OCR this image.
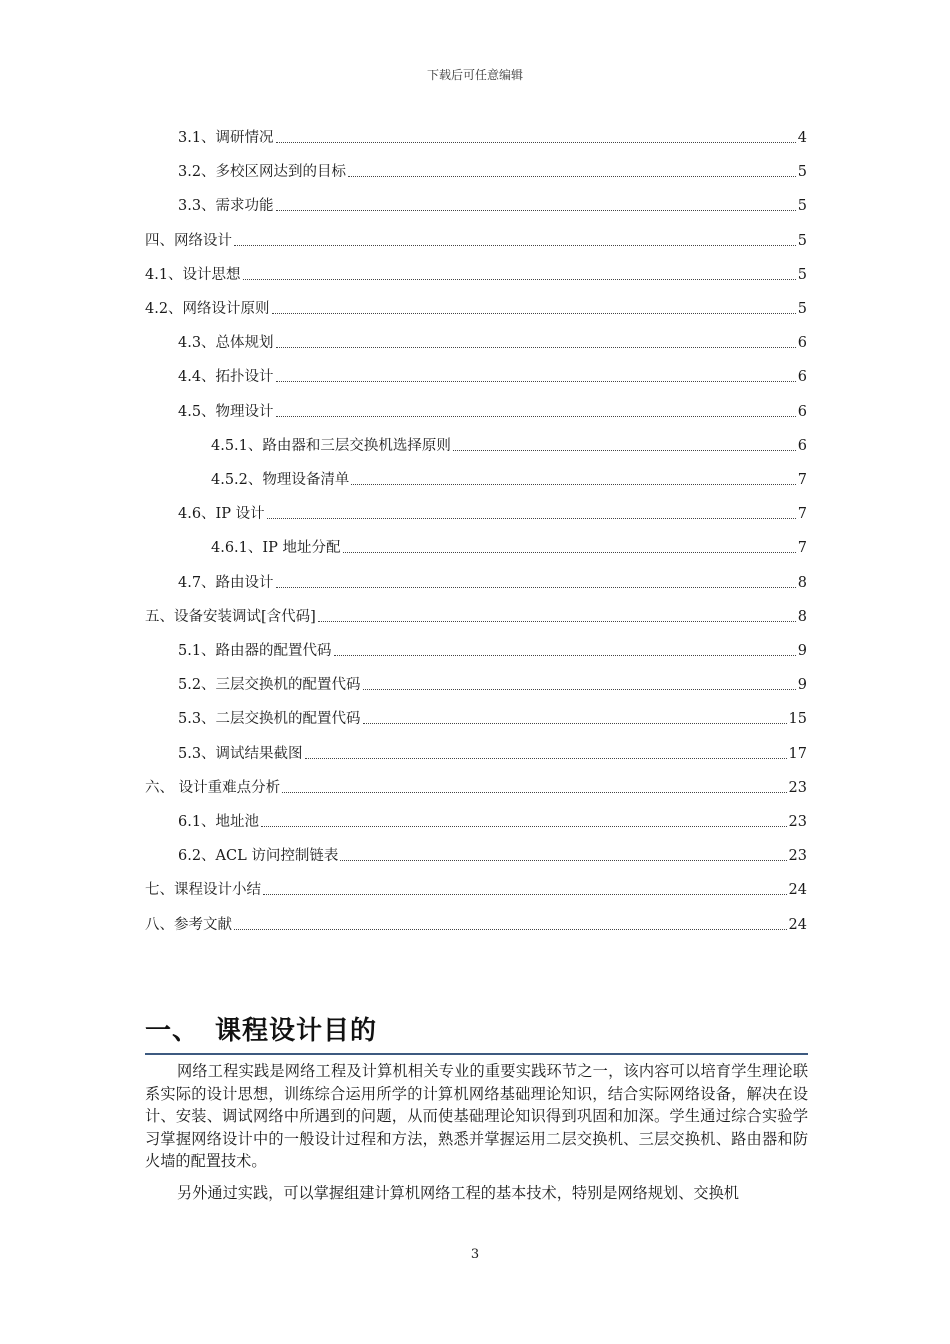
下载后可任意编辑
3.1、调研情况	4
3.2、多校区网达到的目标	5
3.3、需求功能	5
四、网络设计	5
4.1、设计思想	5
4.2、网络设计原则	5
4.3、总体规划	6
4.4、拓扑设计	6
4.5、物理设计	6
4.5.1、路由器和三层交换机选择原则	6
4.5.2、物理设备清单	7
4.6、IP 设计	7
4.6.1、IP 地址分配	7
4.7、路由设计	8
五、设备安装调试[含代码]	8
5.1、路由器的配置代码	9
5.2、三层交换机的配置代码	9
5.3、二层交换机的配置代码	15
5.3、调试结果截图	17
六、 设计重难点分析	23
6.1、地址池	23
6.2、ACL 访问控制链表	23
七、课程设计小结	24
八、参考文献	24
一、 课程设计目的
网络工程实践是网络工程及计算机相关专业的重要实践环节之一，该内容可以培育学生理论联系实际的设计思想，训练综合运用所学的计算机网络基础理论知识，结合实际网络设备，解决在设计、安装、调试网络中所遇到的问题，从而使基础理论知识得到巩固和加深。学生通过综合实验学习掌握网络设计中的一般设计过程和方法，熟悉并掌握运用二层交换机、三层交换机、路由器和防火墙的配置技术。
另外通过实践，可以掌握组建计算机网络工程的基本技术，特别是网络规划、交换机
3
